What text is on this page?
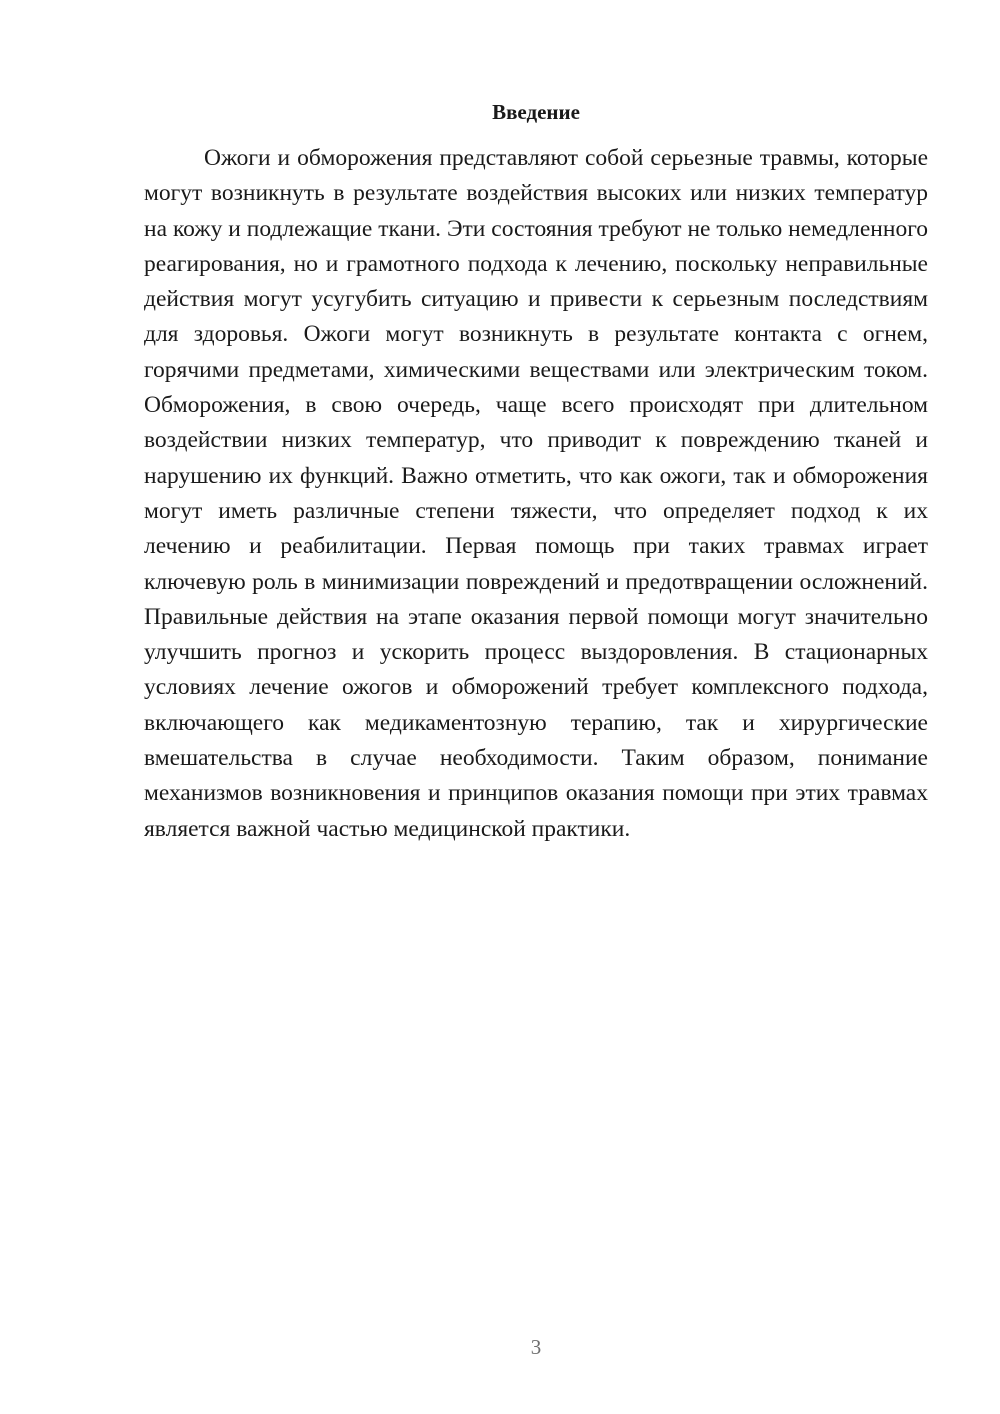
Введение

Ожоги и обморожения представляют собой серьезные травмы, которые могут возникнуть в результате воздействия высоких или низких температур на кожу и подлежащие ткани. Эти состояния требуют не только немедленного реагирования, но и грамотного подхода к лечению, поскольку неправильные действия могут усугубить ситуацию и привести к серьезным последствиям для здоровья. Ожоги могут возникнуть в результате контакта с огнем, горячими предметами, химическими веществами или электрическим током. Обморожения, в свою очередь, чаще всего происходят при длительном воздействии низких температур, что приводит к повреждению тканей и нарушению их функций. Важно отметить, что как ожоги, так и обморожения могут иметь различные степени тяжести, что определяет подход к их лечению и реабилитации. Первая помощь при таких травмах играет ключевую роль в минимизации повреждений и предотвращении осложнений. Правильные действия на этапе оказания первой помощи могут значительно улучшить прогноз и ускорить процесс выздоровления. В стационарных условиях лечение ожогов и обморожений требует комплексного подхода, включающего как медикаментозную терапию, так и хирургические вмешательства в случае необходимости. Таким образом, понимание механизмов возникновения и принципов оказания помощи при этих травмах является важной частью медицинской практики.

3
